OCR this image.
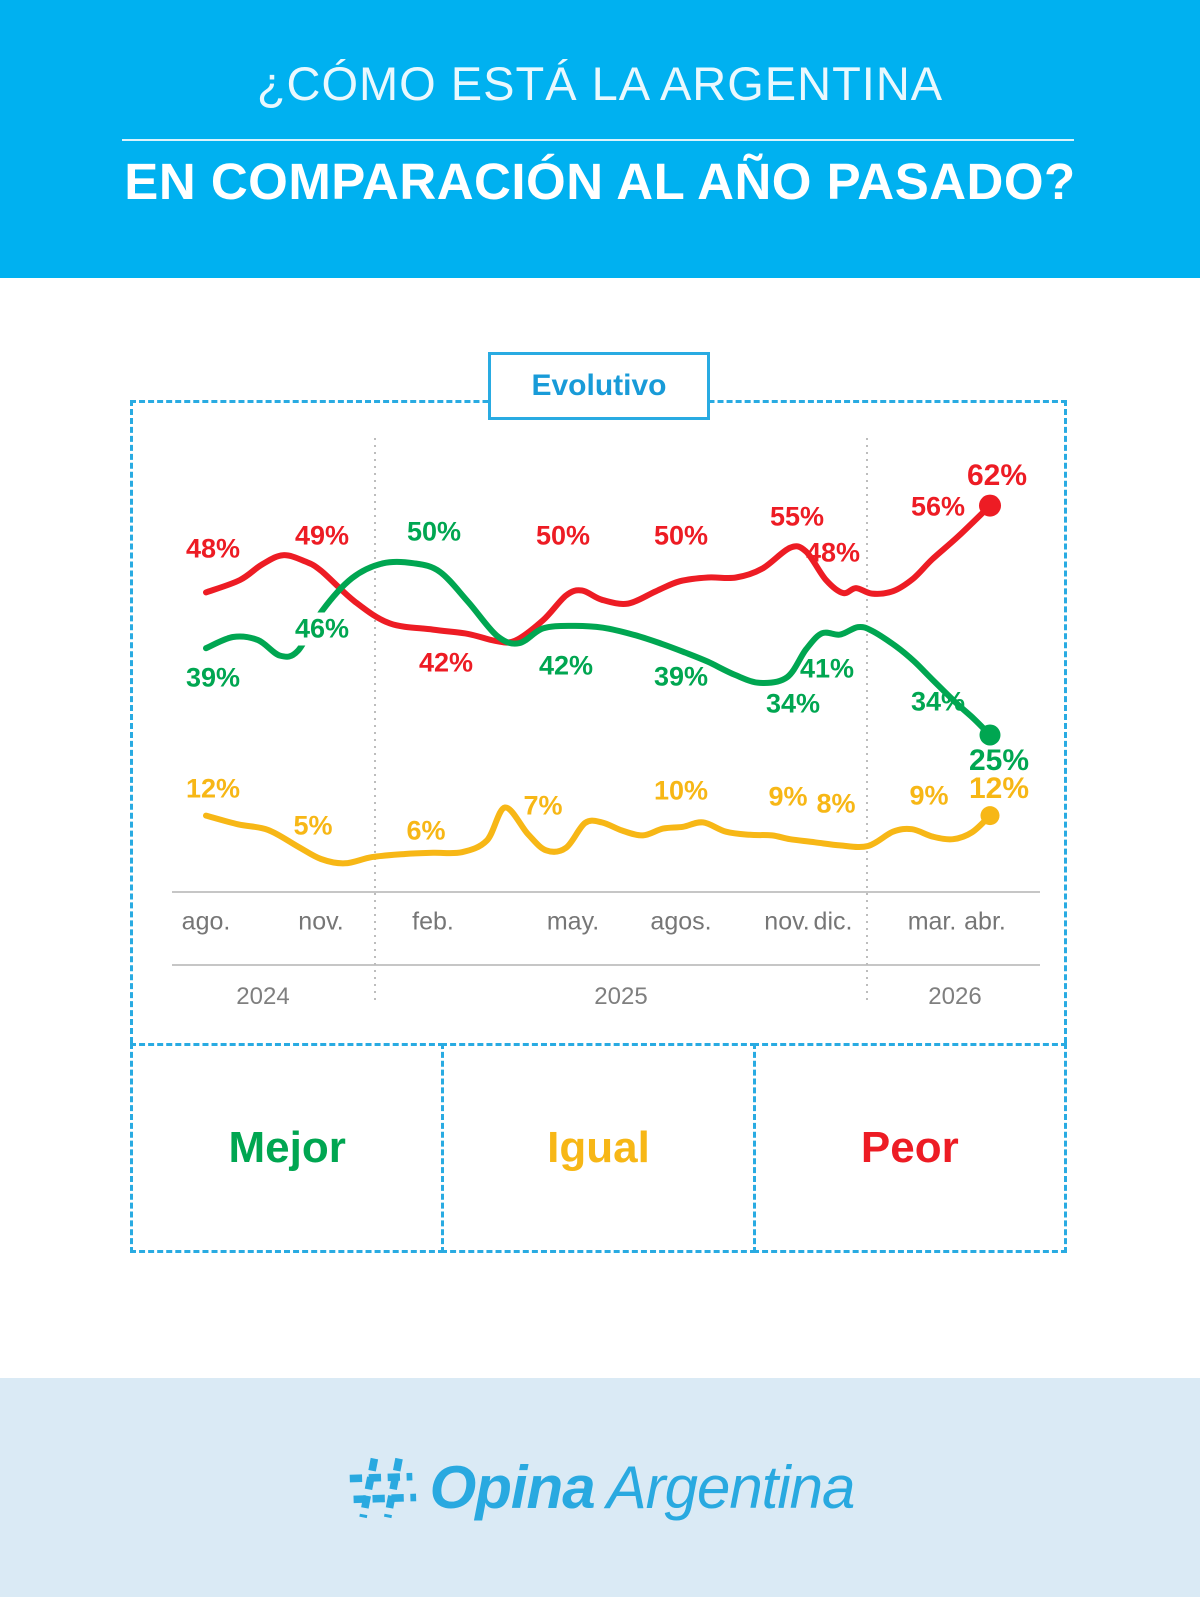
¿CÓMO ESTÁ LA ARGENTINA
EN COMPARACIÓN AL AÑO PASADO?
Evolutivo
39%
46%
50%
42% 39%
34%
41%
34%
25%
12%
5%	6%
7%	10% 9% 8% 9% 12%
48% 49%
42%
50% 50%
55%
48%
56%
62%
ago.	nov.	feb.	may. agos. nov. dic. mar. abr.
2024	2025	2026
Mejor	Igual	Peor
Opina Argentina
